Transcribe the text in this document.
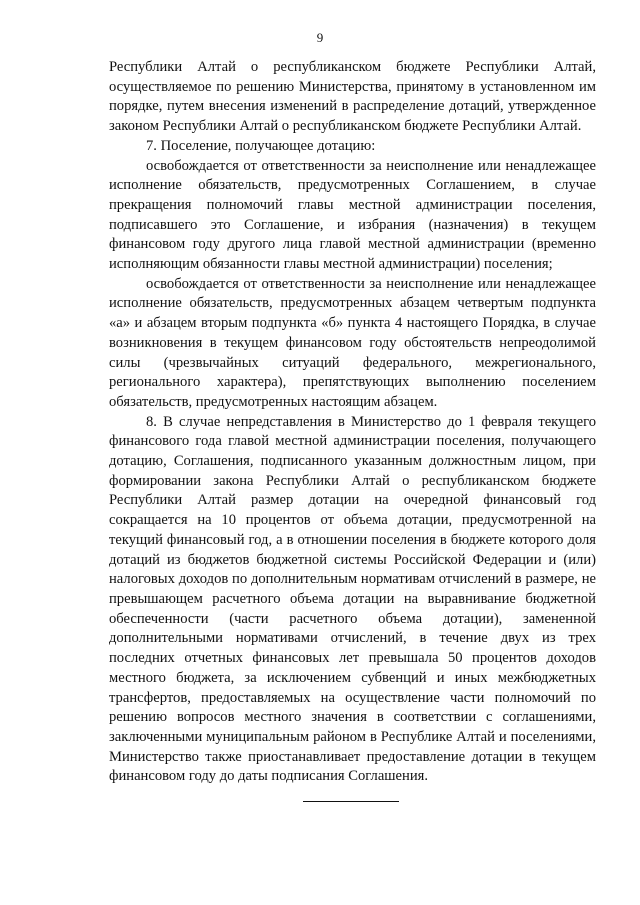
9

Республики Алтай о республиканском бюджете Республики Алтай, осуществляемое по решению Министерства, принятому в установленном им порядке, путем внесения изменений в распределение дотаций, утвержденное законом Республики Алтай о республиканском бюджете Республики Алтай.

7. Поселение, получающее дотацию:

освобождается от ответственности за неисполнение или ненадлежащее исполнение обязательств, предусмотренных Соглашением, в случае прекращения полномочий главы местной администрации поселения, подписавшего это Соглашение, и избрания (назначения) в текущем финансовом году другого лица главой местной администрации (временно исполняющим обязанности главы местной администрации) поселения;

освобождается от ответственности за неисполнение или ненадлежащее исполнение обязательств, предусмотренных абзацем четвертым подпункта «а» и абзацем вторым подпункта «б» пункта 4 настоящего Порядка, в случае возникновения в текущем финансовом году обстоятельств непреодолимой силы (чрезвычайных ситуаций федерального, межрегионального, регионального характера), препятствующих выполнению поселением обязательств, предусмотренных настоящим абзацем.

8. В случае непредставления в Министерство до 1 февраля текущего финансового года главой местной администрации поселения, получающего дотацию, Соглашения, подписанного указанным должностным лицом, при формировании закона Республики Алтай о республиканском бюджете Республики Алтай размер дотации на очередной финансовый год сокращается на 10 процентов от объема дотации, предусмотренной на текущий финансовый год, а в отношении поселения в бюджете которого доля дотаций из бюджетов бюджетной системы Российской Федерации и (или) налоговых доходов по дополнительным нормативам отчислений в размере, не превышающем расчетного объема дотации на выравнивание бюджетной обеспеченности (части расчетного объема дотации), замененной дополнительными нормативами отчислений, в течение двух из трех последних отчетных финансовых лет превышала 50 процентов доходов местного бюджета, за исключением субвенций и иных межбюджетных трансфертов, предоставляемых на осуществление части полномочий по решению вопросов местного значения в соответствии с соглашениями, заключенными муниципальным районом в Республике Алтай и поселениями, Министерство также приостанавливает предоставление дотации в текущем финансовом году до даты подписания Соглашения.
